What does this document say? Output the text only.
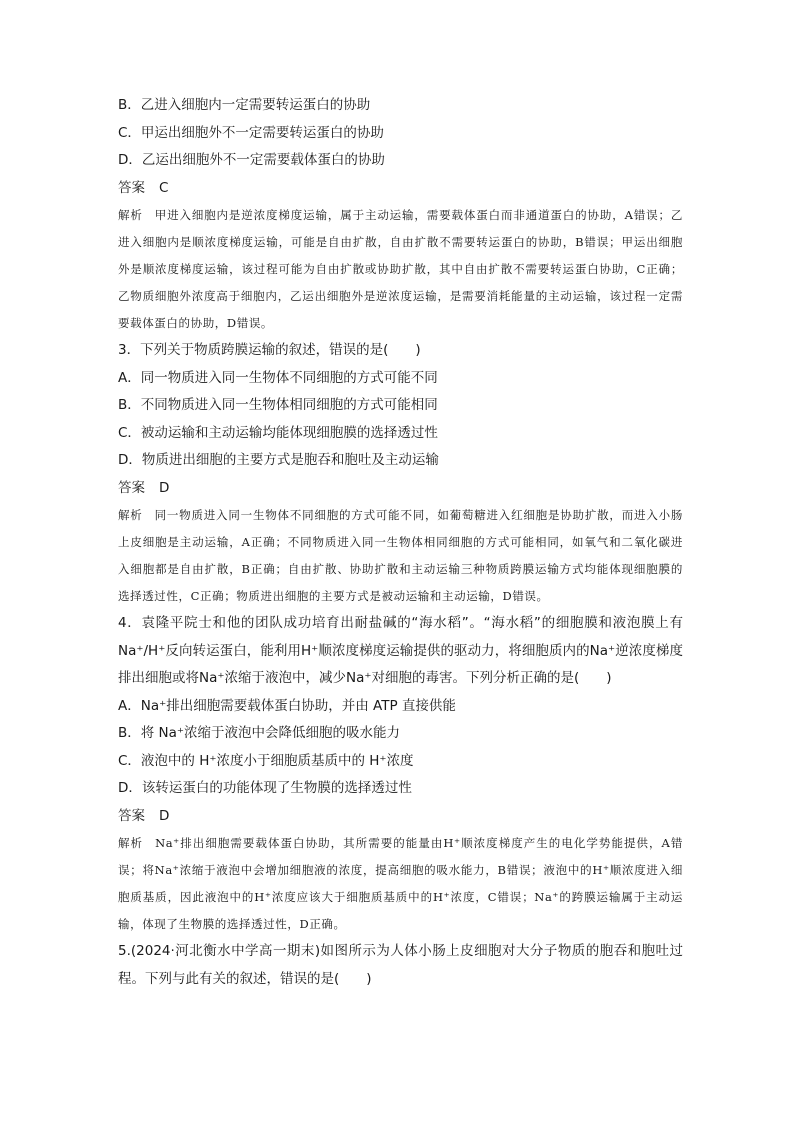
B．乙进入细胞内一定需要转运蛋白的协助

C．甲运出细胞外不一定需要转运蛋白的协助

D．乙运出细胞外不一定需要载体蛋白的协助

答案 C

解析 甲进入细胞内是逆浓度梯度运输，属于主动运输，需要载体蛋白而非通道蛋白的协助，A错误；乙进入细胞内是顺浓度梯度运输，可能是自由扩散，自由扩散不需要转运蛋白的协助，B错误；甲运出细胞外是顺浓度梯度运输，该过程可能为自由扩散或协助扩散，其中自由扩散不需要转运蛋白协助，C正确；乙物质细胞外浓度高于细胞内，乙运出细胞外是逆浓度运输，是需要消耗能量的主动运输，该过程一定需要载体蛋白的协助，D错误。

3．下列关于物质跨膜运输的叙述，错误的是(　　)

A．同一物质进入同一生物体不同细胞的方式可能不同

B．不同物质进入同一生物体相同细胞的方式可能相同

C．被动运输和主动运输均能体现细胞膜的选择透过性

D．物质进出细胞的主要方式是胞吞和胞吐及主动运输

答案 D

解析 同一物质进入同一生物体不同细胞的方式可能不同，如葡萄糖进入红细胞是协助扩散，而进入小肠上皮细胞是主动运输，A正确；不同物质进入同一生物体相同细胞的方式可能相同，如氧气和二氧化碳进入细胞都是自由扩散，B正确；自由扩散、协助扩散和主动运输三种物质跨膜运输方式均能体现细胞膜的选择透过性，C正确；物质进出细胞的主要方式是被动运输和主动运输，D错误。

4．袁隆平院士和他的团队成功培育出耐盐碱的“海水稻”。“海水稻”的细胞膜和液泡膜上有 Na⁺/H⁺反向转运蛋白，能利用H⁺顺浓度梯度运输提供的驱动力，将细胞质内的Na⁺逆浓度梯度排出细胞或将Na⁺浓缩于液泡中，减少Na⁺对细胞的毒害。下列分析正确的是(　　)

A．Na⁺排出细胞需要载体蛋白协助，并由 ATP 直接供能

B．将 Na⁺浓缩于液泡中会降低细胞的吸水能力

C．液泡中的 H⁺浓度小于细胞质基质中的 H⁺浓度

D．该转运蛋白的功能体现了生物膜的选择透过性

答案 D

解析 Na⁺排出细胞需要载体蛋白协助，其所需要的能量由H⁺顺浓度梯度产生的电化学势能提供，A错误；将Na⁺浓缩于液泡中会增加细胞液的浓度，提高细胞的吸水能力，B错误；液泡中的H⁺顺浓度进入细胞质基质，因此液泡中的H⁺浓度应该大于细胞质基质中的H⁺浓度，C错误；Na⁺的跨膜运输属于主动运输，体现了生物膜的选择透过性，D正确。

5.(2024·河北衡水中学高一期末)如图所示为人体小肠上皮细胞对大分子物质的胞吞和胞吐过程。下列与此有关的叙述，错误的是(　　)
